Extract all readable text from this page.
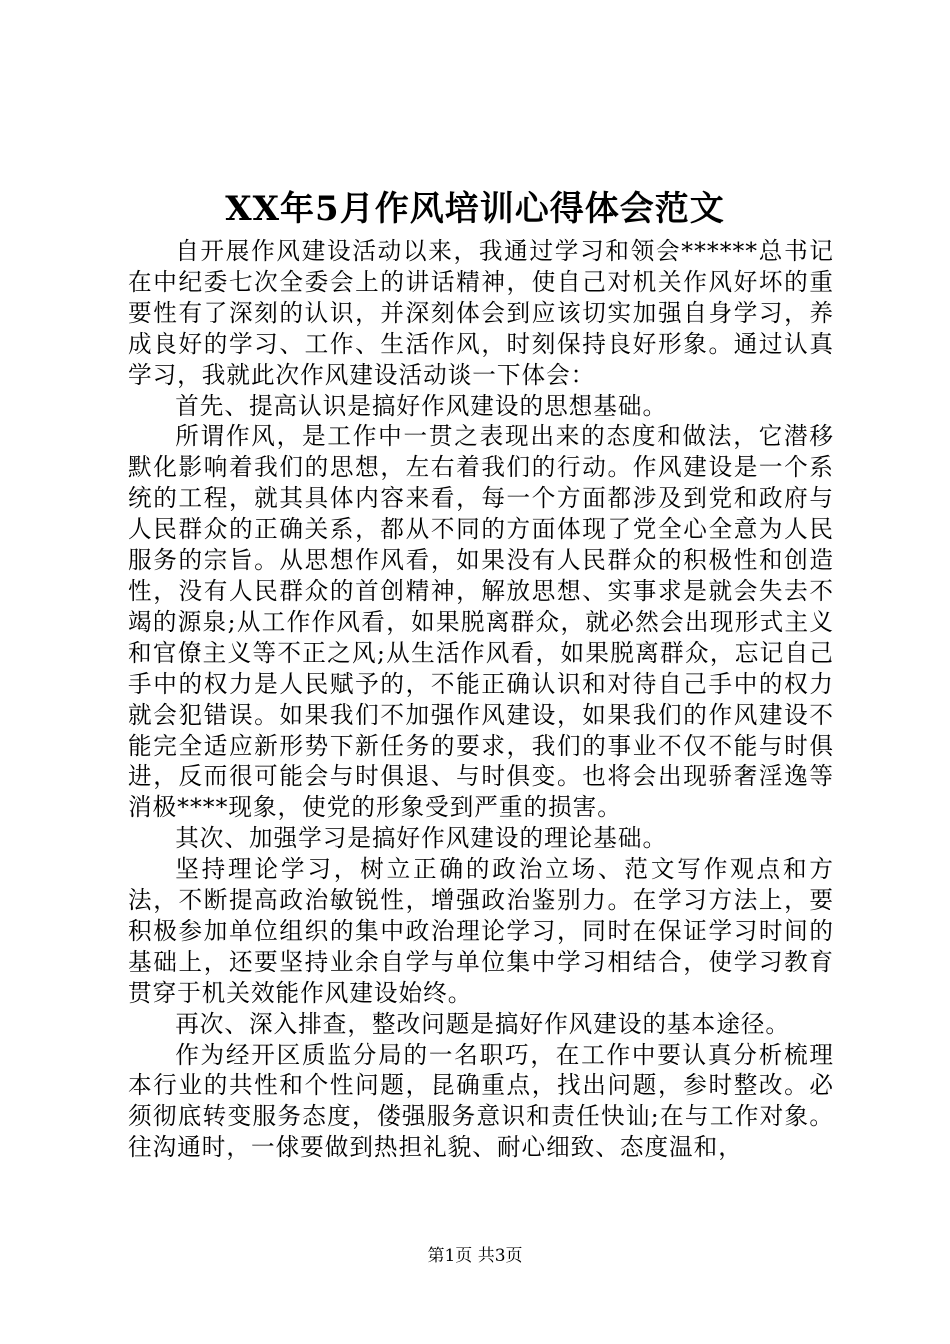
XX年5月作风培训心得体会范文

自开展作风建设活动以来，我通过学习和领会******总书记在中纪委七次全委会上的讲话精神，使自己对机关作风好坏的重要性有了深刻的认识，并深刻体会到应该切实加强自身学习，养成良好的学习、工作、生活作风，时刻保持良好形象。通过认真学习，我就此次作风建设活动谈一下体会：

首先、提高认识是搞好作风建设的思想基础。

所谓作风，是工作中一贯之表现出来的态度和做法，它潜移默化影响着我们的思想，左右着我们的行动。作风建设是一个系统的工程，就其具体内容来看，每一个方面都涉及到党和政府与人民群众的正确关系，都从不同的方面体现了党全心全意为人民服务的宗旨。从思想作风看，如果没有人民群众的积极性和创造性，没有人民群众的首创精神，解放思想、实事求是就会失去不竭的源泉;从工作作风看，如果脱离群众，就必然会出现形式主义和官僚主义等不正之风;从生活作风看，如果脱离群众，忘记自己手中的权力是人民赋予的，不能正确认识和对待自己手中的权力就会犯错误。如果我们不加强作风建设，如果我们的作风建设不能完全适应新形势下新任务的要求，我们的事业不仅不能与时俱进，反而很可能会与时俱退、与时俱变。也将会出现骄奢淫逸等消极****现象，使党的形象受到严重的损害。

其次、加强学习是搞好作风建设的理论基础。

坚持理论学习，树立正确的政治立场、范文写作观点和方法，不断提高政治敏锐性，增强政治鉴别力。在学习方法上，要积极参加单位组织的集中政治理论学习，同时在保证学习时间的基础上，还要坚持业余自学与单位集中学习相结合，使学习教育贯穿于机关效能作风建设始终。

再次、深入排查，整改问题是搞好作风建设的基本途径。

作为经开区质监分局的一名职巧，在工作中要认真分析梳理本行业的共性和个性问题，昆确重点，找出问题，参时整改。必须彻底转变服务态度，偻强服务意识和责任快讪;在与工作对象。往沟通时，一俅要做到热担礼貌、耐心细致、态度温和，

第1页 共3页
